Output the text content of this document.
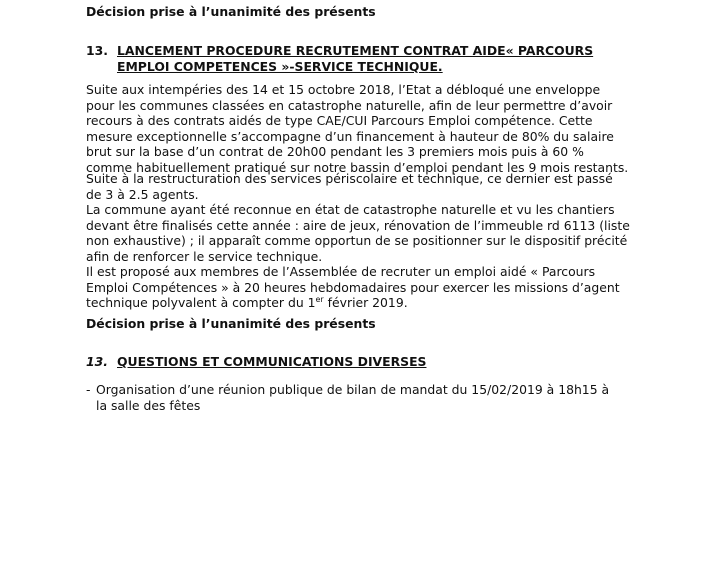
Décision prise à l’unanimité des présents
13. LANCEMENT PROCEDURE RECRUTEMENT CONTRAT AIDE« PARCOURS EMPLOI COMPETENCES »-SERVICE TECHNIQUE.

Suite aux intempéries des 14 et 15 octobre 2018, l’Etat a débloqué une enveloppe pour les communes classées en catastrophe naturelle, afin de leur permettre d’avoir recours à des contrats aidés de type CAE/CUI Parcours Emploi compétence. Cette mesure exceptionnelle s’accompagne d’un financement à hauteur de 80% du salaire brut sur la base d’un contrat de 20h00 pendant les 3 premiers mois puis à 60 % comme habituellement pratiqué sur notre bassin d’emploi pendant les 9 mois restants.

Suite à la restructuration des services périscolaire et technique, ce dernier est passé de 3 à 2.5 agents.

La commune ayant été reconnue en état de catastrophe naturelle et vu les chantiers devant être finalisés cette année : aire de jeux, rénovation de l’immeuble rd 6113 (liste non exhaustive) ; il apparaît comme opportun de se positionner sur le dispositif précité afin de renforcer le service technique.

Il est proposé aux membres de l’Assemblée de recruter un emploi aidé « Parcours Emploi Compétences » à 20 heures hebdomadaires pour exercer les missions d’agent technique polyvalent à compter du 1er février 2019.

Décision prise à l’unanimité des présents
13. QUESTIONS ET COMMUNICATIONS DIVERSES
- Organisation d’une réunion publique de bilan de mandat du 15/02/2019 à 18h15 à la salle des fêtes
